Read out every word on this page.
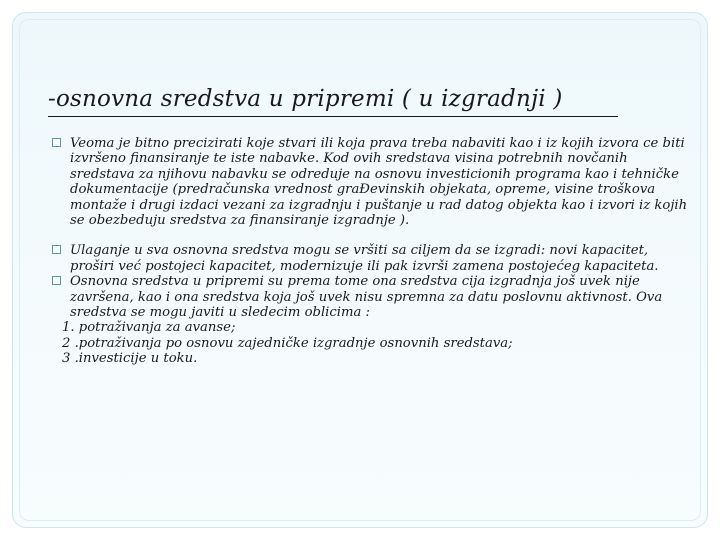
-osnovna sredstva u pripremi ( u izgradnji )
Veoma je bitno precizirati koje stvari ili koja prava treba nabaviti kao i iz kojih izvora ce biti izvršeno finansiranje te iste nabavke. Kod ovih sredstava visina potrebnih novčanih sredstava za njihovu nabavku se odreduje na osnovu investicionih programa kao i tehničke dokumentacije (predračunska vrednost graĐevinskih objekata, opreme, visine troškova montaže i drugi izdaci vezani za izgradnju i puštanje u rad datog objekta kao i izvori iz kojih se obezbeduju sredstva za finansiranje izgradnje ).
Ulaganje u sva osnovna sredstva mogu se vršiti sa ciljem da se izgradi: novi kapacitet, proširi već postojeci kapacitet, modernizuje ili pak izvrši zamena postojećeg kapaciteta.
Osnovna sredstva u pripremi su prema tome ona sredstva cija izgradnja još uvek nije završena, kao i ona sredstva koja još uvek nisu spremna za datu poslovnu aktivnost. Ova sredstva se mogu javiti u sledecim oblicima :
1. potraživanja za avanse;
2 .potraživanja po osnovu zajedničke izgradnje osnovnih sredstava;
3 .investicije u toku.
